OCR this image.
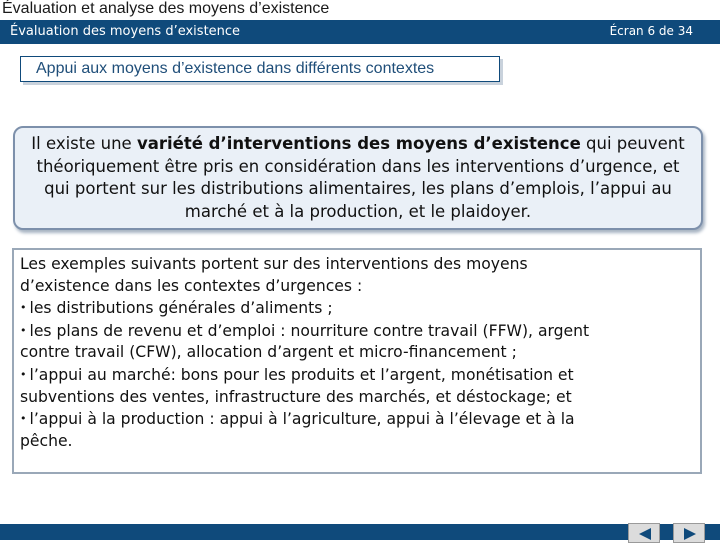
Évaluation et analyse des moyens d’existence
Évaluation des moyens d’existence	Écran 6 de 34
Appui aux moyens d’existence dans différents contextes

Il existe une variété d’interventions des moyens d’existence qui peuvent théoriquement être pris en considération dans les interventions d’urgence, et qui portent sur les distributions alimentaires, les plans d’emplois, l’appui au marché et à la production, et le plaidoyer.

Les exemples suivants portent sur des interventions des moyens
d’existence dans les contextes d’urgences :
• les distributions générales d’aliments ;
• les plans de revenu et d’emploi : nourriture contre travail (FFW), argent
contre travail (CFW), allocation d’argent et micro-financement ;
• l’appui au marché: bons pour les produits et l’argent, monétisation et
subventions des ventes, infrastructure des marchés, et déstockage; et
• l’appui à la production : appui à l’agriculture, appui à l’élevage et à la
pêche.
